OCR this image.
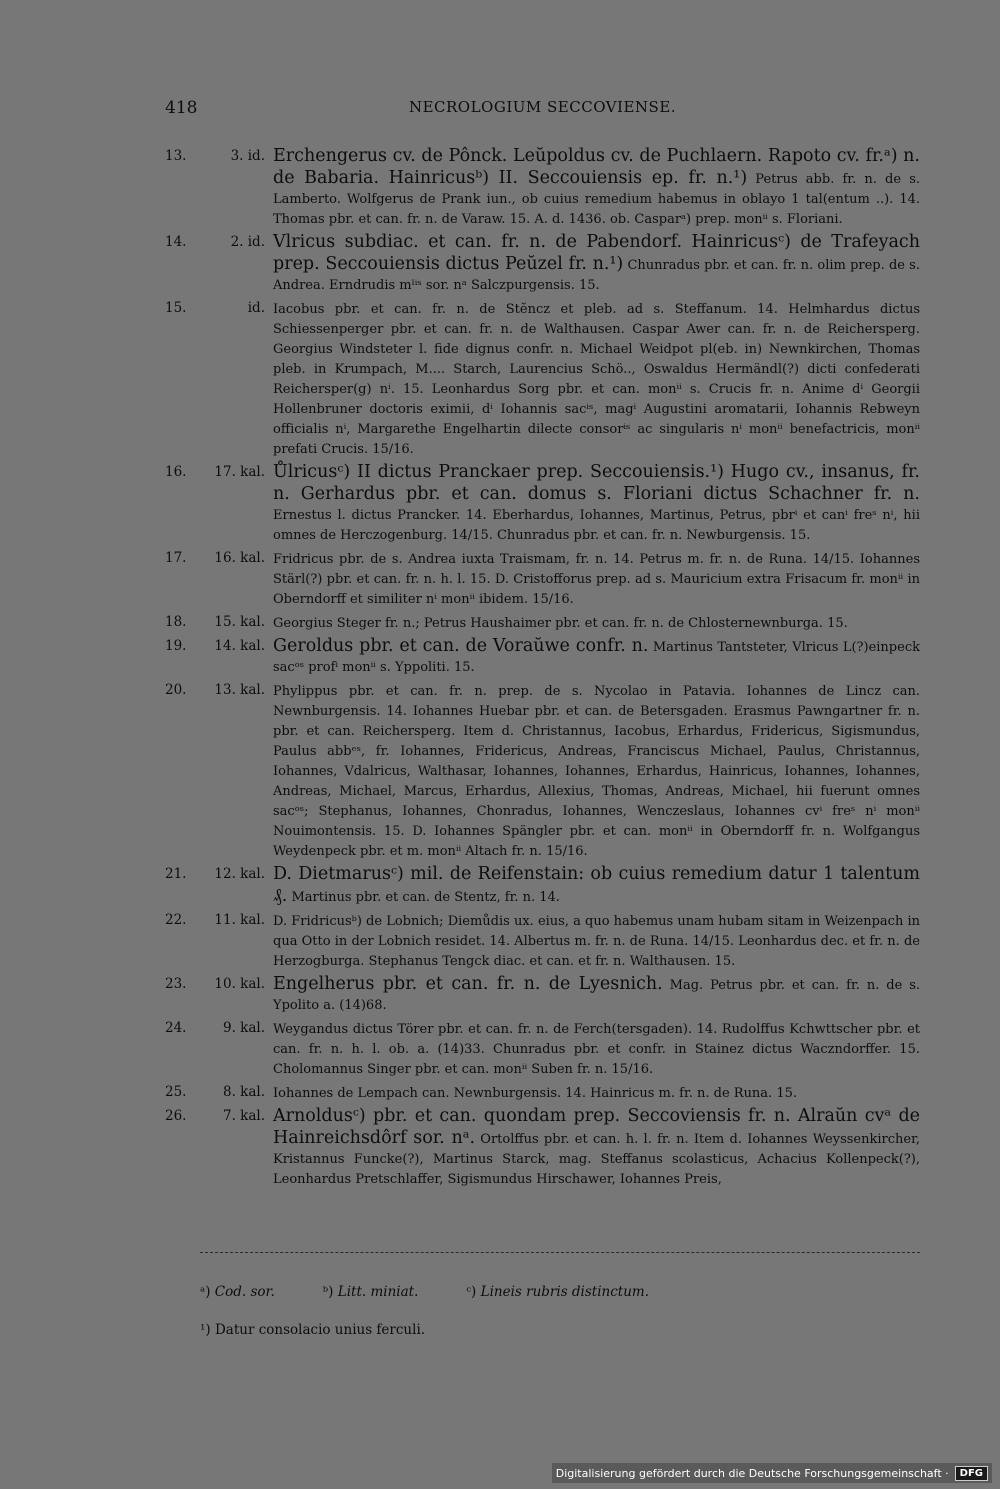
418	NECROLOGIUM SECCOVIENSE.
13.	3. id. Erchengerus cv. de Pônck. Leŭpoldus cv. de Puchlaern. Rapoto cv. fr.ᵃ) n. de Babaria. Hainricusᵇ) II. Seccouiensis ep. fr. n.¹) Petrus abb. fr. n. de s. Lamberto. Wolfgerus de Prank iun., ob cuius remedium habemus in oblayo 1 tal(entum ..). 14. Thomas pbr. et can. fr. n. de Varaw. 15. A. d. 1436. ob. Casparᵃ) prep. monⁱⁱ s. Floriani.
14.	2. id. Vlricus subdiac. et can. fr. n. de Pabendorf. Hainricusᶜ) de Trafeyach prep. Seccouiensis dictus Peŭzel fr. n.¹) Chunradus pbr. et can. fr. n. olim prep. de s. Andrea. Erndrudis mˡⁱˢ sor. nᵃ Salczpurgensis. 15.
15.	id. Iacobus pbr. et can. fr. n. de Stĕncz et pleb. ad s. Steffanum. 14. Helmhardus dictus Schiessenperger pbr. et can. fr. n. de Walthausen. Caspar Awer can. fr. n. de Reichersperg. Georgius Windsteter l. fide dignus confr. n. Michael Weidpot pl(eb. in) Newnkirchen, Thomas pleb. in Krumpach, M.... Starch, Laurencius Schö.., Oswaldus Hermändl(?) dicti confederati Reichersper(g) nⁱ. 15. Leonhardus Sorg pbr. et can. monⁱⁱ s. Crucis fr. n. Anime dⁱ Georgii Hollenbruner doctoris eximii, dⁱ Iohannis sacⁱˢ, magⁱ Augustini aromatarii, Iohannis Rebweyn officialis nⁱ, Margarethe Engelhartin dilecte consorⁱˢ ac singularis nⁱ monⁱⁱ benefactricis, monⁱⁱ prefati Crucis. 15/16.
16.	17. kal. Ůlricusᶜ) II dictus Pranckaer prep. Seccouiensis.¹) Hugo cv., insanus, fr. n. Gerhardus pbr. et can. domus s. Floriani dictus Schachner fr. n. Ernestus l. dictus Prancker. 14. Eberhardus, Iohannes, Martinus, Petrus, pbrⁱ et canⁱ freˢ nⁱ, hii omnes de Herczogenburg. 14/15. Chunradus pbr. et can. fr. n. Newburgensis. 15.
17.	16. kal. Fridricus pbr. de s. Andrea iuxta Traismam, fr. n. 14. Petrus m. fr. n. de Runa. 14/15. Iohannes Stärl(?) pbr. et can. fr. n. h. l. 15. D. Cristofforus prep. ad s. Mauricium extra Frisacum fr. monⁱⁱ in Oberndorff et similiter nⁱ monⁱⁱ ibidem. 15/16.
18.	15. kal. Georgius Steger fr. n.; Petrus Haushaimer pbr. et can. fr. n. de Chlosternewnburga. 15.
19.	14. kal. Geroldus pbr. et can. de Voraŭwe confr. n. Martinus Tantsteter, Vlricus L(?)einpeck sacᵒˢ profⁱ monⁱⁱ s. Yppoliti. 15.
20.	13. kal. Phylippus pbr. et can. fr. n. prep. de s. Nycolao in Patavia. Iohannes de Lincz can. Newnburgensis. 14. Iohannes Huebar pbr. et can. de Betersgaden. Erasmus Pawngartner fr. n. pbr. et can. Reichersperg. Item d. Christannus, Iacobus, Erhardus, Fridericus, Sigismundus, Paulus abbᵉˢ, fr. Iohannes, Fridericus, Andreas, Franciscus Michael, Paulus, Christannus, Iohannes, Vdalricus, Walthasar, Iohannes, Iohannes, Erhardus, Hainricus, Iohannes, Iohannes, Andreas, Michael, Marcus, Erhardus, Allexius, Thomas, Andreas, Michael, hii fuerunt omnes sacᵒˢ; Stephanus, Iohannes, Chonradus, Iohannes, Wenczeslaus, Iohannes cvⁱ freˢ nⁱ monⁱⁱ Nouimontensis. 15. D. Iohannes Spängler pbr. et can. monⁱⁱ in Oberndorff fr. n. Wolfgangus Weydenpeck pbr. et m. monⁱⁱ Altach fr. n. 15/16.
21.	12. kal. D. Dietmarusᶜ) mil. de Reifenstain: ob cuius remedium datur 1 talentum ₰. Martinus pbr. et can. de Stentz, fr. n. 14.
22.	11. kal. D. Fridricusᵇ) de Lobnich; Diemůdis ux. eius, a quo habemus unam hubam sitam in Weizenpach in qua Otto in der Lobnich residet. 14. Albertus m. fr. n. de Runa. 14/15. Leonhardus dec. et fr. n. de Herzogburga. Stephanus Tengck diac. et can. et fr. n. Walthausen. 15.
23.	10. kal. Engelherus pbr. et can. fr. n. de Lyesnich. Mag. Petrus pbr. et can. fr. n. de s. Ypolito a. (14)68.
24.	9. kal. Weygandus dictus Törer pbr. et can. fr. n. de Ferch(tersgaden). 14. Rudolffus Kchwttscher pbr. et can. fr. n. h. l. ob. a. (14)33. Chunradus pbr. et confr. in Stainez dictus Waczndorffer. 15. Cholomannus Singer pbr. et can. monⁱⁱ Suben fr. n. 15/16.
25.	8. kal. Iohannes de Lempach can. Newnburgensis. 14. Hainricus m. fr. n. de Runa. 15.
26.	7. kal. Arnoldusᶜ) pbr. et can. quondam prep. Seccoviensis fr. n. Alraŭn cvᵃ de Hainreichsdôrf sor. nᵃ. Ortolffus pbr. et can. h. l. fr. n. Item d. Iohannes Weyssenkircher, Kristannus Funcke(?), Martinus Starck, mag. Steffanus scolasticus, Achacius Kollenpeck(?), Leonhardus Pretschlaffer, Sigismundus Hirschawer, Iohannes Preis,
ᵃ) Cod. sor.	ᵇ) Litt. miniat.	ᶜ) Lineis rubris distinctum.
¹) Datur consolacio unius ferculi.
Digitalisierung gefördert durch die Deutsche Forschungsgemeinschaft ·	DFG
